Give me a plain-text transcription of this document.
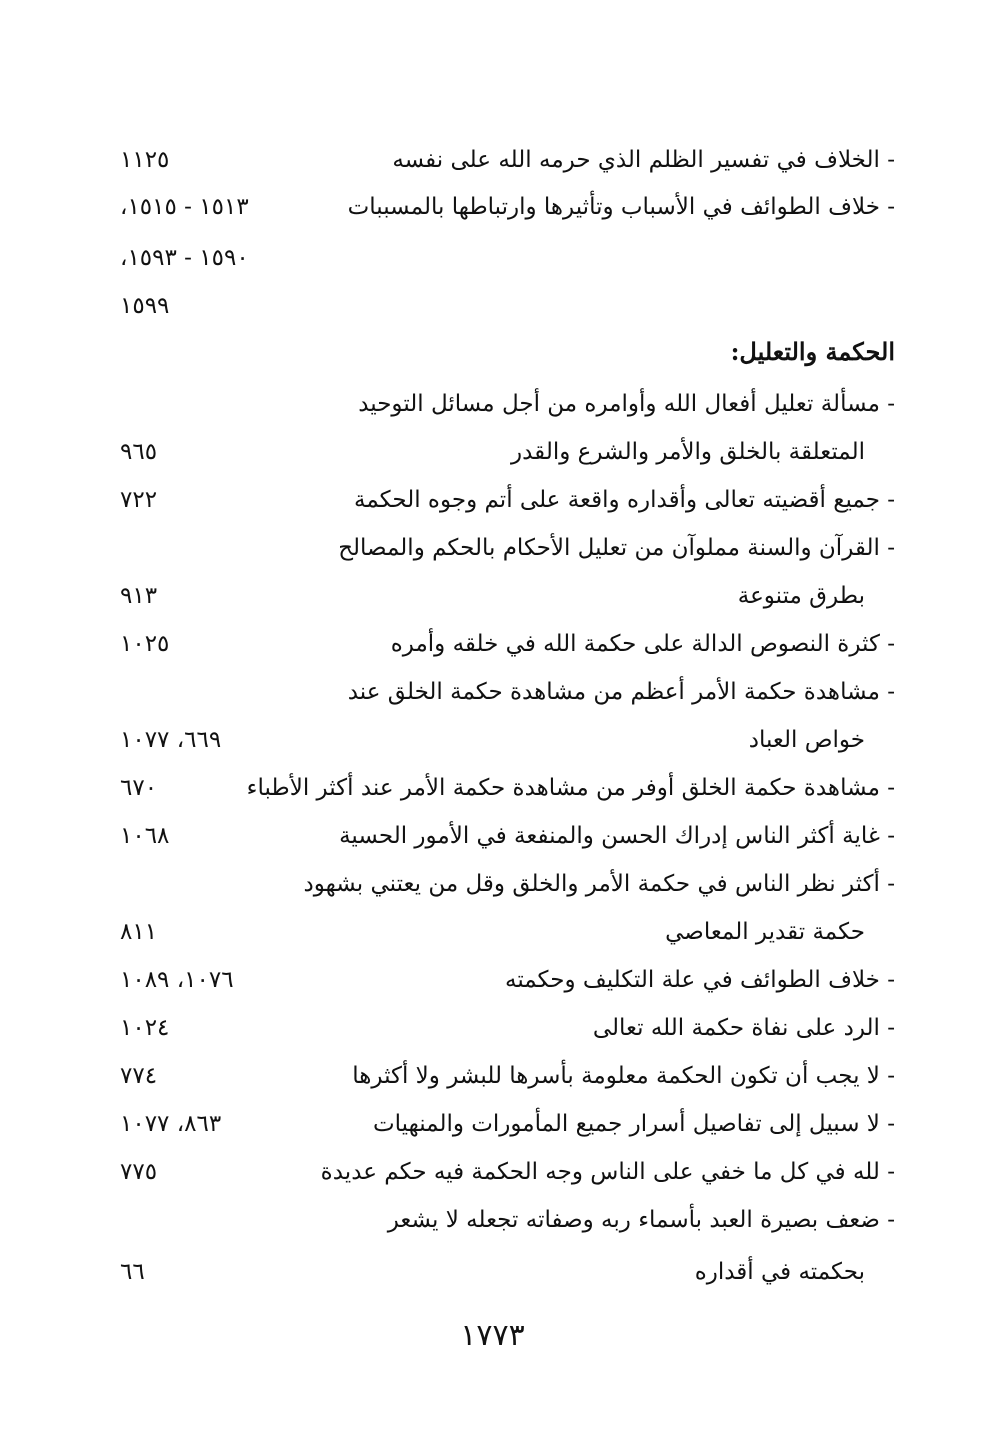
- الخلاف في تفسير الظلم الذي حرمه الله على نفسه
١١٢٥
- خلاف الطوائف في الأسباب وتأثيرها وارتباطها بالمسببات
١٥١٣ - ١٥١٥،
١٥٩٠ - ١٥٩٣،
١٥٩٩
الحكمة والتعليل:
- مسألة تعليل أفعال الله وأوامره من أجل مسائل التوحيد
المتعلقة بالخلق والأمر والشرع والقدر
٩٦٥
- جميع أقضيته تعالى وأقداره واقعة على أتم وجوه الحكمة
٧٢٢
- القرآن والسنة مملوآن من تعليل الأحكام بالحكم والمصالح
بطرق متنوعة
٩١٣
- كثرة النصوص الدالة على حكمة الله في خلقه وأمره
١٠٢٥
- مشاهدة حكمة الأمر أعظم من مشاهدة حكمة الخلق عند
خواص العباد
٦٦٩، ١٠٧٧
- مشاهدة حكمة الخلق أوفر من مشاهدة حكمة الأمر عند أكثر الأطباء
٦٧٠
- غاية أكثر الناس إدراك الحسن والمنفعة في الأمور الحسية
١٠٦٨
- أكثر نظر الناس في حكمة الأمر والخلق وقل من يعتني بشهود
حكمة تقدير المعاصي
٨١١
- خلاف الطوائف في علة التكليف وحكمته
١٠٧٦، ١٠٨٩
- الرد على نفاة حكمة الله تعالى
١٠٢٤
- لا يجب أن تكون الحكمة معلومة بأسرها للبشر ولا أكثرها
٧٧٤
- لا سبيل إلى تفاصيل أسرار جميع المأمورات والمنهيات
٨٦٣، ١٠٧٧
- لله في كل ما خفي على الناس وجه الحكمة فيه حكم عديدة
٧٧٥
- ضعف بصيرة العبد بأسماء ربه وصفاته تجعله لا يشعر
بحكمته في أقداره
٦٦
١٧٧٣
